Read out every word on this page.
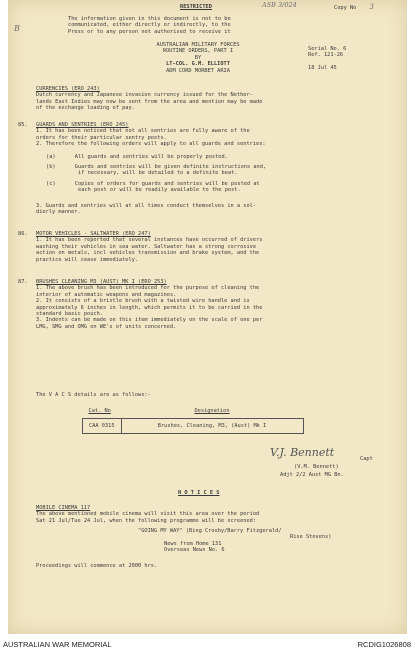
B
RESTRICTED	ASB 3/024	Copy No 3
The information given in this document is not to be
communicated, either directly or indirectly, to the
Press or to any person not authorised to receive it
AUSTRALIAN MILITARY FORCES
ROUTINE ORDERS, PART I
BY
LT-COL. G.M. ELLIOTT
ADM CORD MORBET ARIA
Serial No. 6
Ref. 121-26
18 Jul 45
CURRENCIES (ERO 243)
Dutch currency and Japanese invasion currency issued for the Nether-
lands East Indies may now be sent from the area and mention may be made
of the exchange loading of pay.
85. GUARDS AND SENTRIES (ERO 245)
1. It has been noticed that not all sentries are fully aware of the
orders for their particular sentry posts.
2. Therefore the following orders will apply to all guards and sentries:
(a)	All guards and sentries will be properly posted.
(b)	Guards and sentries will be given definite instructions and,
if necessary, will be detailed to a definite beat.
(c)	Copies of orders for guards and sentries will be posted at
each post or will be readily available to the post.
3. Guards and sentries will at all times conduct themselves in a sol-
dierly manner.
86. MOTOR VEHICLES - SALTWATER (ERO 247)
1. It has been reported that several instances have occurred of drivers
washing their vehicles in sea water. Saltwater has a strong corrosive
action on metals, incl vehicles transmission and brake system, and the
practice will cease immediately.
87. BRUSHES CLEANING M3 (AUST) MK I (ERO 253)
1. The above brush has been introduced for the purpose of cleaning the
interior of automatic weapons and magazines.
2. It consists of a bristle brush with a twisted wire handle and is
approximately 6 inches in length, which permits it to be carried in the
standard basic pouch.
3. Indents can be made on this item immediately on the scale of one per
LMG, SMG and OMG on WE's of units concerned.
The V A C S details are as follows:-
Cat. No	Designation
CAA 0315	Brushes, Cleaning, M3, (Aust) Mk I
V.J. Bennett	Capt
(V.M. Bennett)
Adjt 2/2 Aust MG Bn.
N O T I C E S
MOBILE CINEMA 117
The above mentioned mobile cinema will visit this area over the period
Sat 21 Jul/Tue 24 Jul, when the following programme will be screened:
"GOING MY WAY" (Bing Crosby/Barry Fitzgerald/
Rise Stevens)
News from Home 131
Overseas News No. 6
Proceedings will commence at 2000 hrs.
AUSTRALIAN WAR MEMORIAL	RCDIG1026808
